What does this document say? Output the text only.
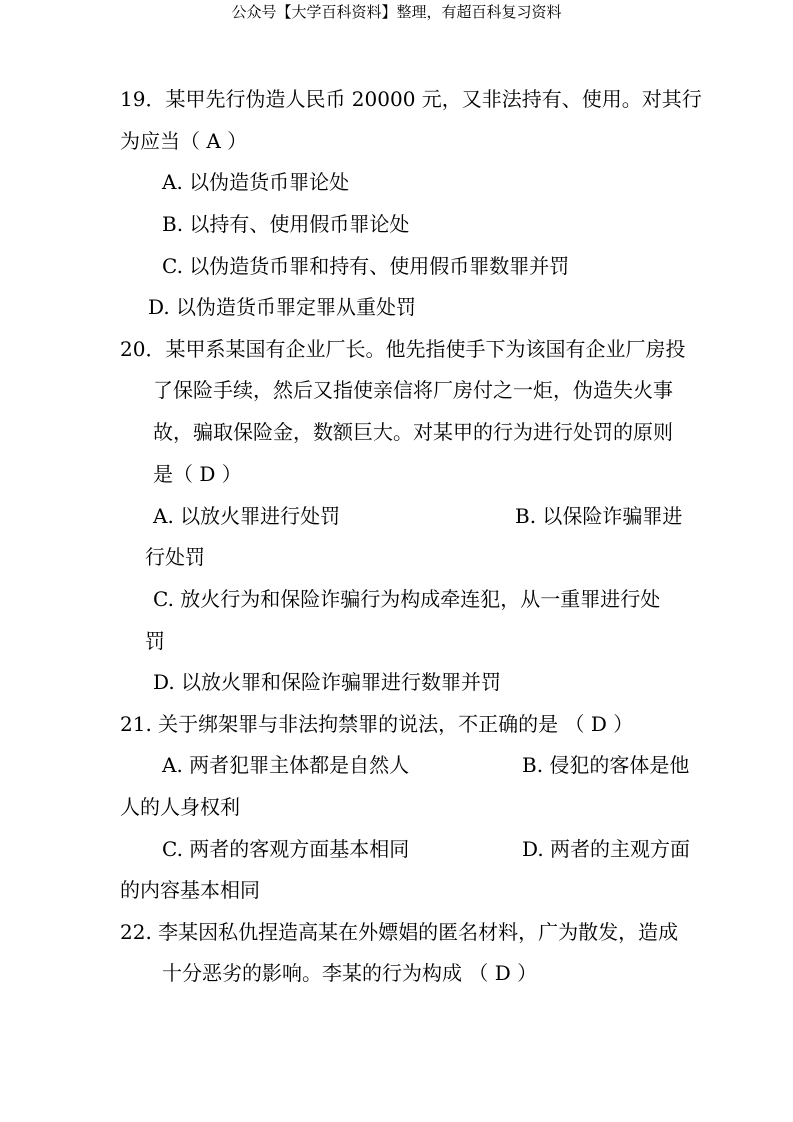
公众号【大学百科资料】整理，有超百科复习资料
19．某甲先行伪造人民币 20000 元，又非法持有、使用。对其行
为应当（ A ）
A. 以伪造货币罪论处
B. 以持有、使用假币罪论处
C. 以伪造货币罪和持有、使用假币罪数罪并罚
D. 以伪造货币罪定罪从重处罚
20．某甲系某国有企业厂长。他先指使手下为该国有企业厂房投
了保险手续，然后又指使亲信将厂房付之一炬，伪造失火事
故，骗取保险金，数额巨大。对某甲的行为进行处罚的原则
是（ D ）
A. 以放火罪进行处罚	B. 以保险诈骗罪进
行处罚
C. 放火行为和保险诈骗行为构成牵连犯，从一重罪进行处
罚
D. 以放火罪和保险诈骗罪进行数罪并罚
21. 关于绑架罪与非法拘禁罪的说法，不正确的是 （ D ）
A. 两者犯罪主体都是自然人	B. 侵犯的客体是他
人的人身权利
C. 两者的客观方面基本相同	D. 两者的主观方面
的内容基本相同
22. 李某因私仇捏造高某在外嫖娼的匿名材料，广为散发，造成
十分恶劣的影响。李某的行为构成 （ D ）
